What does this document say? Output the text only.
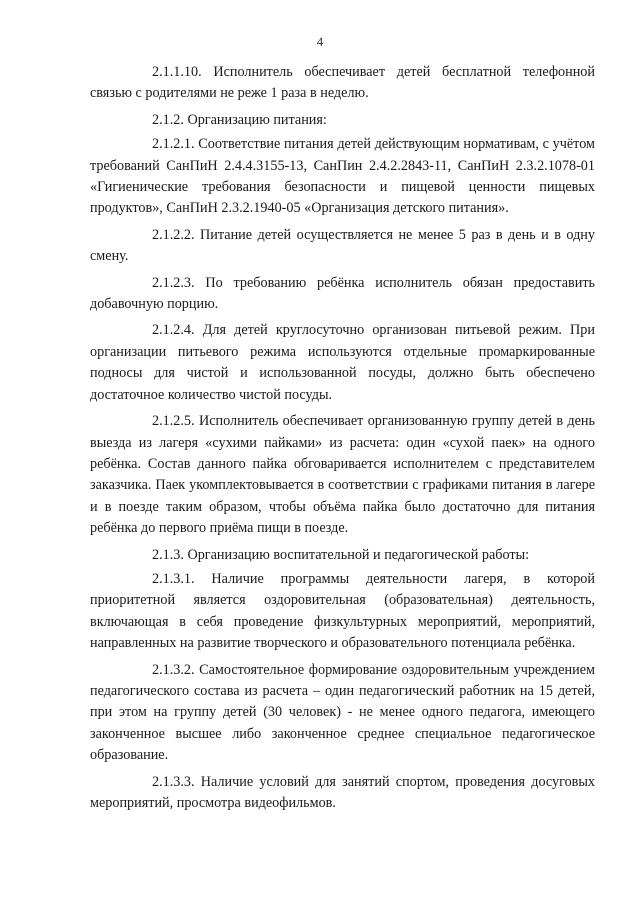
4

2.1.1.10. Исполнитель обеспечивает детей бесплатной телефонной связью с родителями не реже 1 раза в неделю.

2.1.2. Организацию питания:

2.1.2.1. Соответствие питания детей действующим нормативам, с учётом требований СанПиН 2.4.4.3155-13, СанПин 2.4.2.2843-11, СанПиН 2.3.2.1078-01 «Гигиенические требования безопасности и пищевой ценности пищевых продуктов», СанПиН 2.3.2.1940-05 «Организация детского питания».

2.1.2.2. Питание детей осуществляется не менее 5 раз в день и в одну смену.

2.1.2.3. По требованию ребёнка исполнитель обязан предоставить добавочную порцию.

2.1.2.4. Для детей круглосуточно организован питьевой режим. При организации питьевого режима используются отдельные промаркированные подносы для чистой и использованной посуды, должно быть обеспечено достаточное количество чистой посуды.

2.1.2.5. Исполнитель обеспечивает организованную группу детей в день выезда из лагеря «сухими пайками» из расчета: один «сухой паек» на одного ребёнка. Состав данного пайка обговаривается исполнителем с представителем заказчика. Паек укомплектовывается в соответствии с графиками питания в лагере и в поезде таким образом, чтобы объёма пайка было достаточно для питания ребёнка до первого приёма пищи в поезде.

2.1.3. Организацию воспитательной и педагогической работы:

2.1.3.1. Наличие программы деятельности лагеря, в которой приоритетной является оздоровительная (образовательная) деятельность, включающая в себя проведение физкультурных мероприятий, мероприятий, направленных на развитие творческого и образовательного потенциала ребёнка.

2.1.3.2. Самостоятельное формирование оздоровительным учреждением педагогического состава из расчета – один педагогический работник на 15 детей, при этом на группу детей (30 человек) - не менее одного педагога, имеющего законченное высшее либо законченное среднее специальное педагогическое образование.

2.1.3.3. Наличие условий для занятий спортом, проведения досуговых мероприятий, просмотра видеофильмов.
